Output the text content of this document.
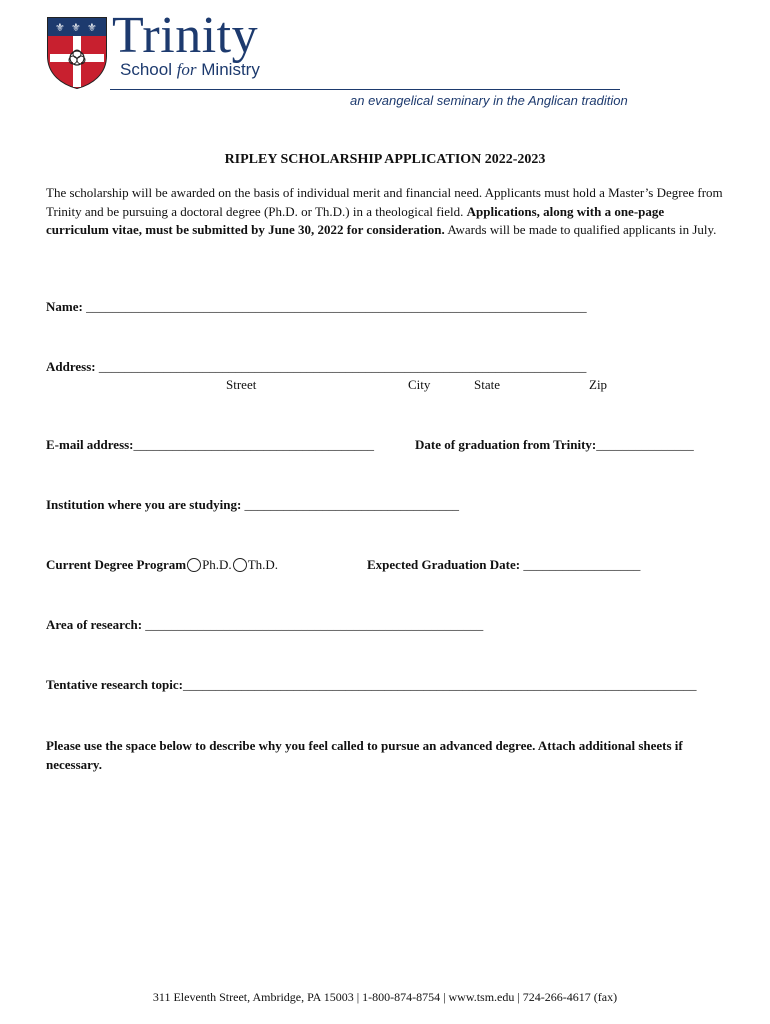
⚜ ⚜ ⚜ Trinity
School for Ministry
an evangelical seminary in the Anglican tradition
RIPLEY SCHOLARSHIP APPLICATION 2022-2023
The scholarship will be awarded on the basis of individual merit and financial need. Applicants must hold a Master’s Degree from Trinity and be pursuing a doctoral degree (Ph.D. or Th.D.) in a theological field. Applications, along with a one-page curriculum vitae, must be submitted by June 30, 2022 for consideration. Awards will be made to qualified applicants in July.
Name: _____________________________________________________________________________
Address: ___________________________________________________________________________
Street	City	State	Zip
E-mail address:_____________________________________	Date of graduation from Trinity:_______________
Institution where you are studying: _________________________________
Current Degree Program Ph.D. Th.D.	Expected Graduation Date: __________________
Area of research: ____________________________________________________
Tentative research topic:_______________________________________________________________________________
Please use the space below to describe why you feel called to pursue an advanced degree. Attach additional sheets if necessary.
311 Eleventh Street, Ambridge, PA 15003 | 1-800-874-8754 | www.tsm.edu | 724-266-4617 (fax)
